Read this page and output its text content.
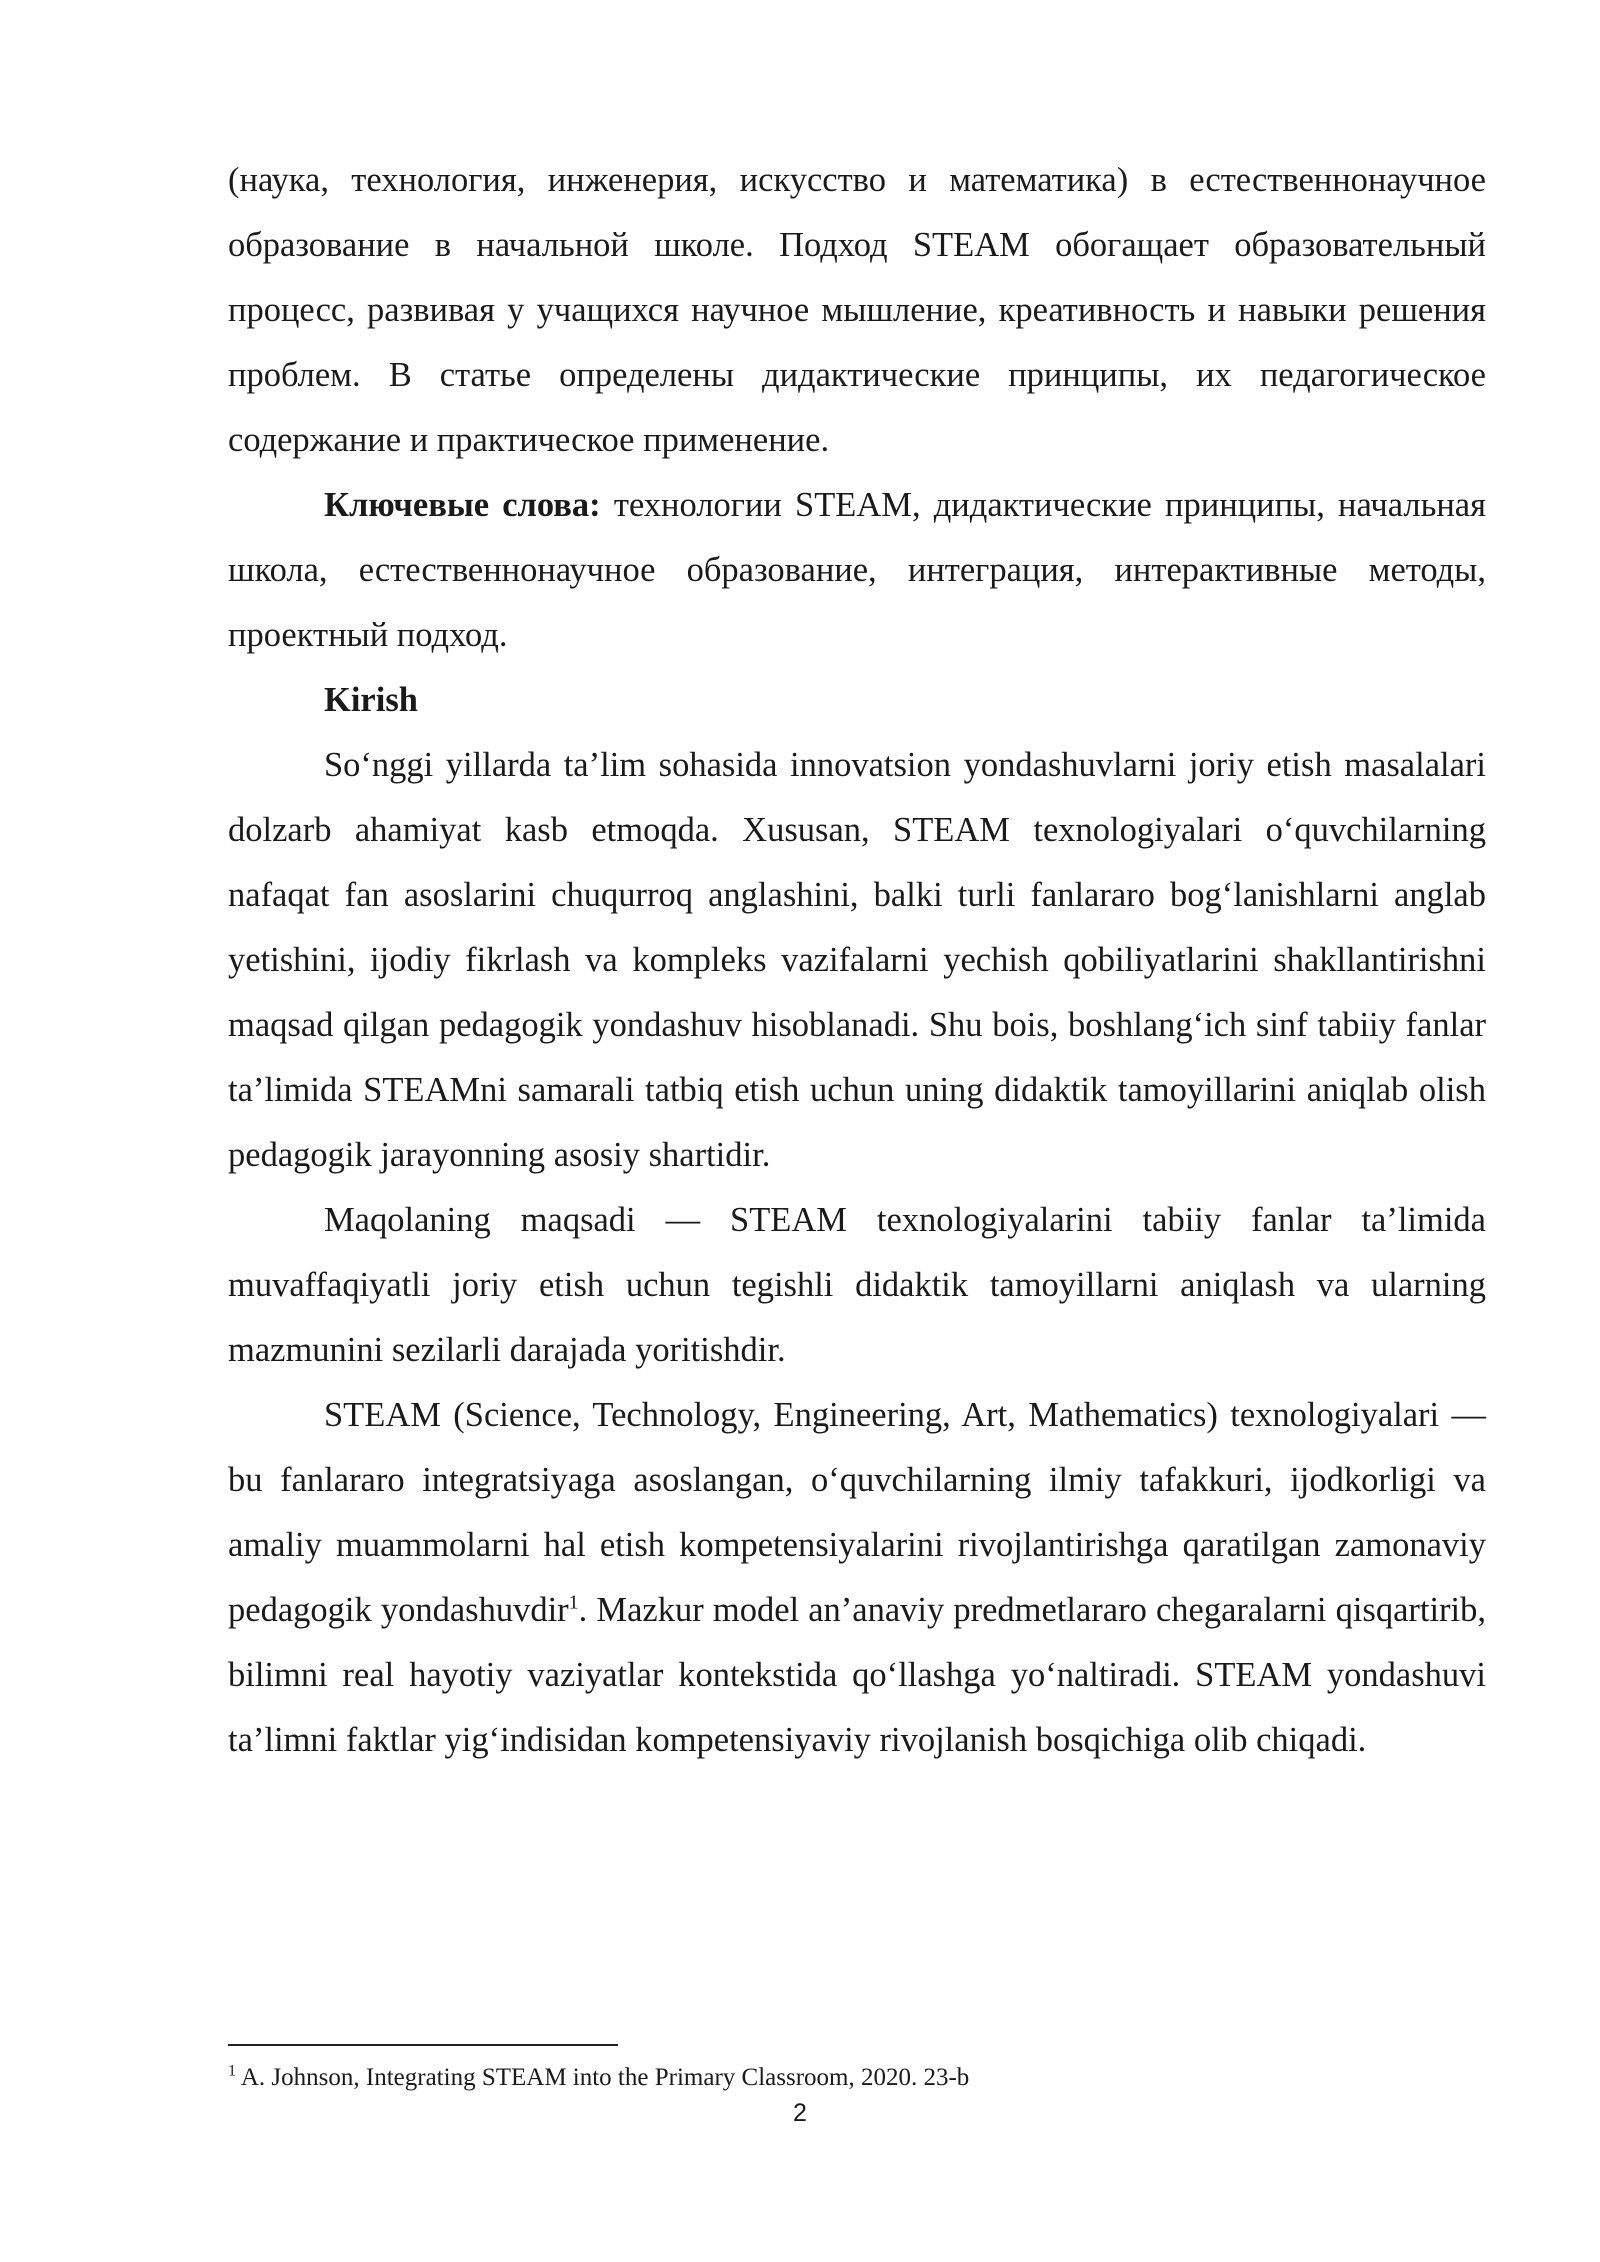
(наука, технология, инженерия, искусство и математика) в естественнонаучное образование в начальной школе. Подход STEAM обогащает образовательный процесс, развивая у учащихся научное мышление, креативность и навыки решения проблем. В статье определены дидактические принципы, их педагогическое содержание и практическое применение.

Ключевые слова: технологии STEAM, дидактические принципы, начальная школа, естественнонаучное образование, интеграция, интерактивные методы, проектный подход.

Kirish

So‘nggi yillarda ta’lim sohasida innovatsion yondashuvlarni joriy etish masalalari dolzarb ahamiyat kasb etmoqda. Xususan, STEAM texnologiyalari o‘quvchilarning nafaqat fan asoslarini chuqurroq anglashini, balki turli fanlararo bog‘lanishlarni anglab yetishini, ijodiy fikrlash va kompleks vazifalarni yechish qobiliyatlarini shakllantirishni maqsad qilgan pedagogik yondashuv hisoblanadi. Shu bois, boshlang‘ich sinf tabiiy fanlar ta’limida STEAMni samarali tatbiq etish uchun uning didaktik tamoyillarini aniqlab olish pedagogik jarayonning asosiy shartidir.

Maqolaning maqsadi — STEAM texnologiyalarini tabiiy fanlar ta’limida muvaffaqiyatli joriy etish uchun tegishli didaktik tamoyillarni aniqlash va ularning mazmunini sezilarli darajada yoritishdir.

STEAM (Science, Technology, Engineering, Art, Mathematics) texnologiyalari — bu fanlararo integratsiyaga asoslangan, o‘quvchilarning ilmiy tafakkuri, ijodkorligi va amaliy muammolarni hal etish kompetensiyalarini rivojlantirishga qaratilgan zamonaviy pedagogik yondashuvdir$^1$. Mazkur model an’anaviy predmetlararo chegaralarni qisqartirib, bilimni real hayotiy vaziyatlar kontekstida qo‘llashga yo‘naltiradi. STEAM yondashuvi ta’limni faktlar yig‘indisidan kompetensiyaviy rivojlanish bosqichiga olib chiqadi.

$^1$ A. Johnson, Integrating STEAM into the Primary Classroom, 2020. 23-b

2
